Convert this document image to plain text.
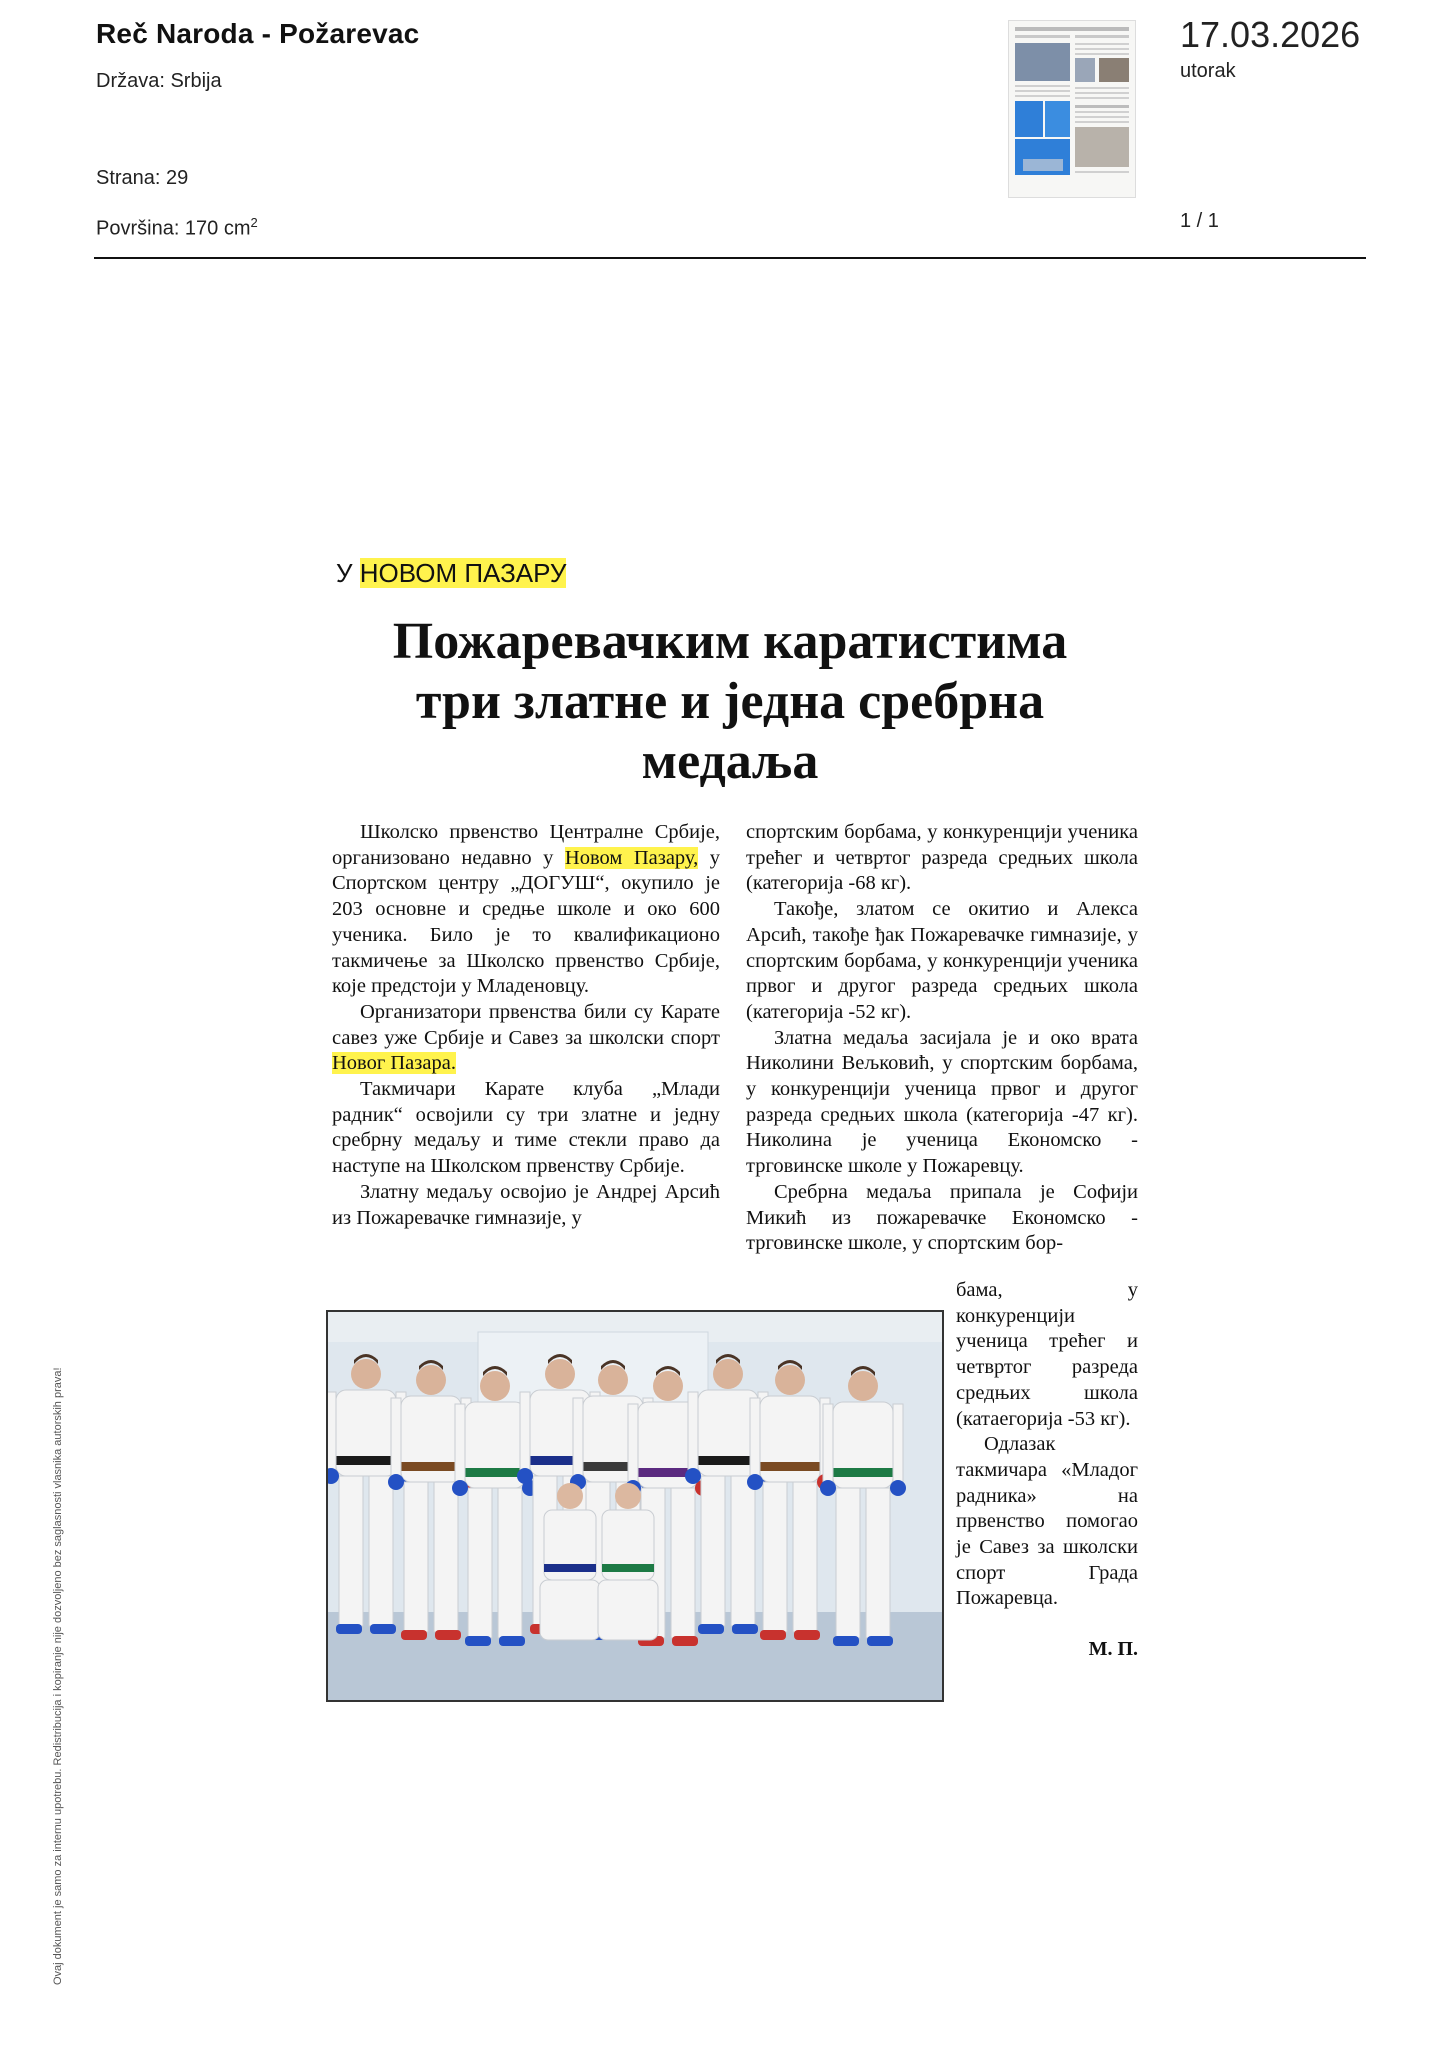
Reč Naroda - Požarevac
Država: Srbija
Strana: 29
Površina: 170 $cm^2$
17.03.2026
utorak
1 / 1
Ovaj dokument je samo za internu upotrebu. Redistribucija i kopiranje nije dozvoljeno bez saglasnosti vlasnika autorskih prava!
У НОВОМ ПАЗАРУ
Пожаревачким каратистима
три златне и једна сребрна
медаља

Школско првенство Централне Србије, организовано недавно у Новом Пазару, у Спортском центру „ДОГУШ“, окупило је 203 основне и средње школе и око 600 ученика. Било је то квалификационо такмичење за Школско првенство Србије, које предстоји у Младеновцу.

Организатори првенства били су Карате савез уже Србије и Савез за школски спорт Новог Пазара.

Такмичари Карате клуба „Млади радник“ освојили су три златне и једну сребрну медаљу и тиме стекли право да наступе на Школском првенству Србије.

Златну медаљу освојио је Андреј Арсић из Пожаревачке гимназије, у

спортским борбама, у конкуренцији ученика трећег и четвртог разреда средњих школа (категорија -68 кг).

Такође, златом се окитио и Алекса Арсић, такође ђак Пожаревачке гимназије, у спортским борбама, у конкуренцији ученика првог и другог разреда средњих школа (категорија -52 кг).

Златна медаља засијала је и око врата Николини Вељковић, у спортским борбама, у конкуренцији ученица првог и другог разреда средњих школа (категорија -47 кг). Николина је ученица Економско - трговинске школе у Пожаревцу.

Сребрна медаља припала је Софији Микић из пожаревачке Економско - трговинске школе, у спортским бор-

бама, у конкуренцији ученица трећег и четвртог разреда средњих школа (катаегорија -53 кг).

Одлазак такмичара «Младог радника» на првенство помогао је Савез за школски спорт Града Пожаревца.

М. П.
